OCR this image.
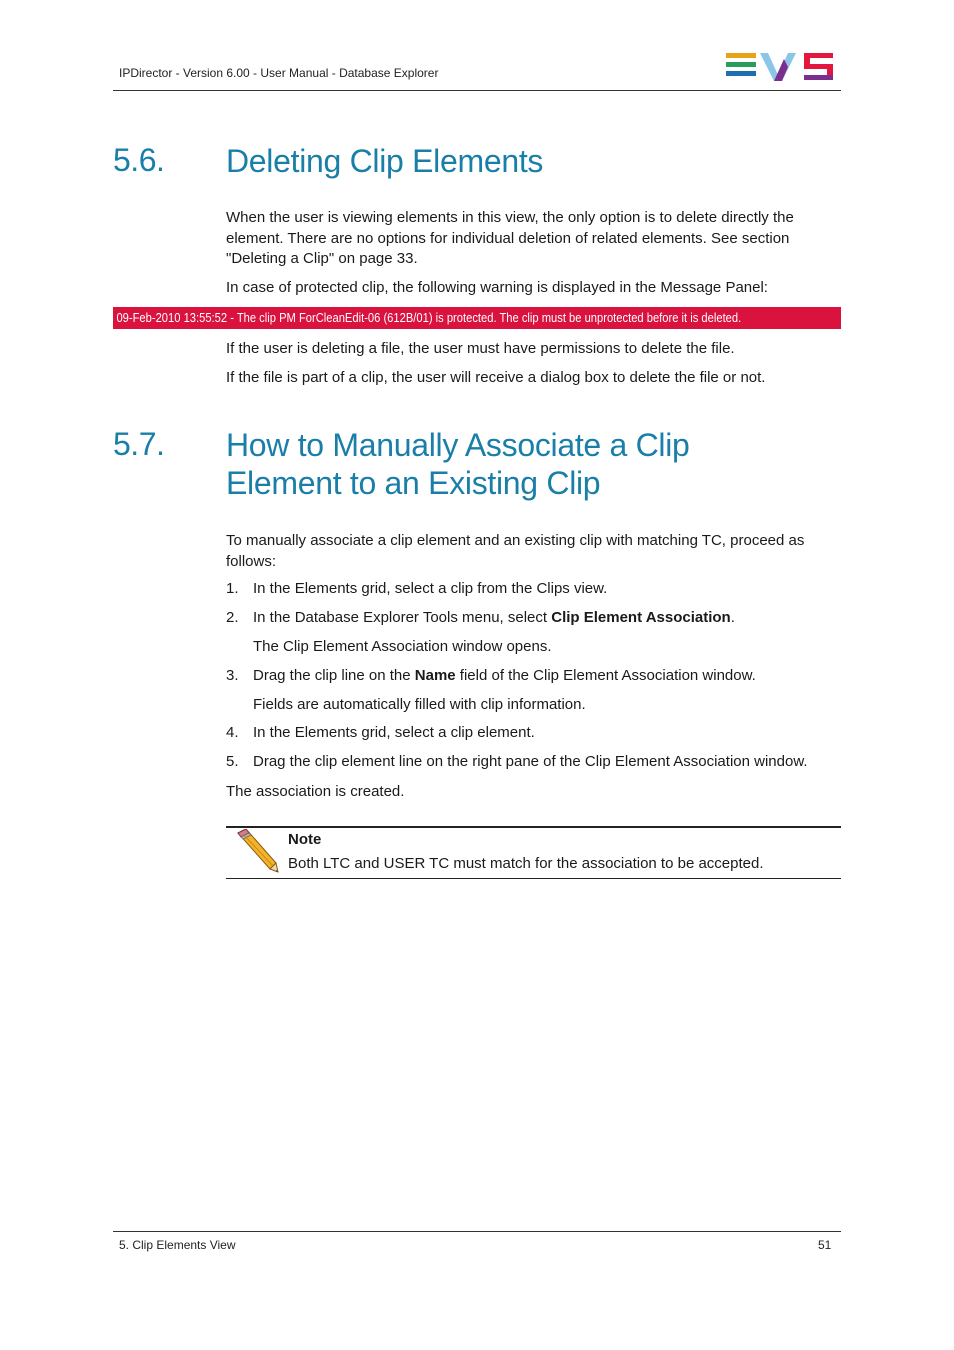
IPDirector - Version 6.00 - User Manual - Database Explorer
5.6. Deleting Clip Elements
When the user is viewing elements in this view, the only option is to delete directly the element. There are no options for individual deletion of related elements. See section "Deleting a Clip" on page 33.
In case of protected clip, the following warning is displayed in the Message Panel:
09-Feb-2010 13:55:52 - The clip PM ForCleanEdit-06 (612B/01) is protected. The clip must be unprotected before it is deleted.
If the user is deleting a file, the user must have permissions to delete the file.
If the file is part of a clip, the user will receive a dialog box to delete the file or not.
5.7. How to Manually Associate a Clip
Element to an Existing Clip
To manually associate a clip element and an existing clip with matching TC, proceed as follows:
1. In the Elements grid, select a clip from the Clips view.
2. In the Database Explorer Tools menu, select Clip Element Association.
The Clip Element Association window opens.
3. Drag the clip line on the Name field of the Clip Element Association window.
Fields are automatically filled with clip information.
4. In the Elements grid, select a clip element.
5. Drag the clip element line on the right pane of the Clip Element Association window.
The association is created.
Note
Both LTC and USER TC must match for the association to be accepted.
5. Clip Elements View	51
